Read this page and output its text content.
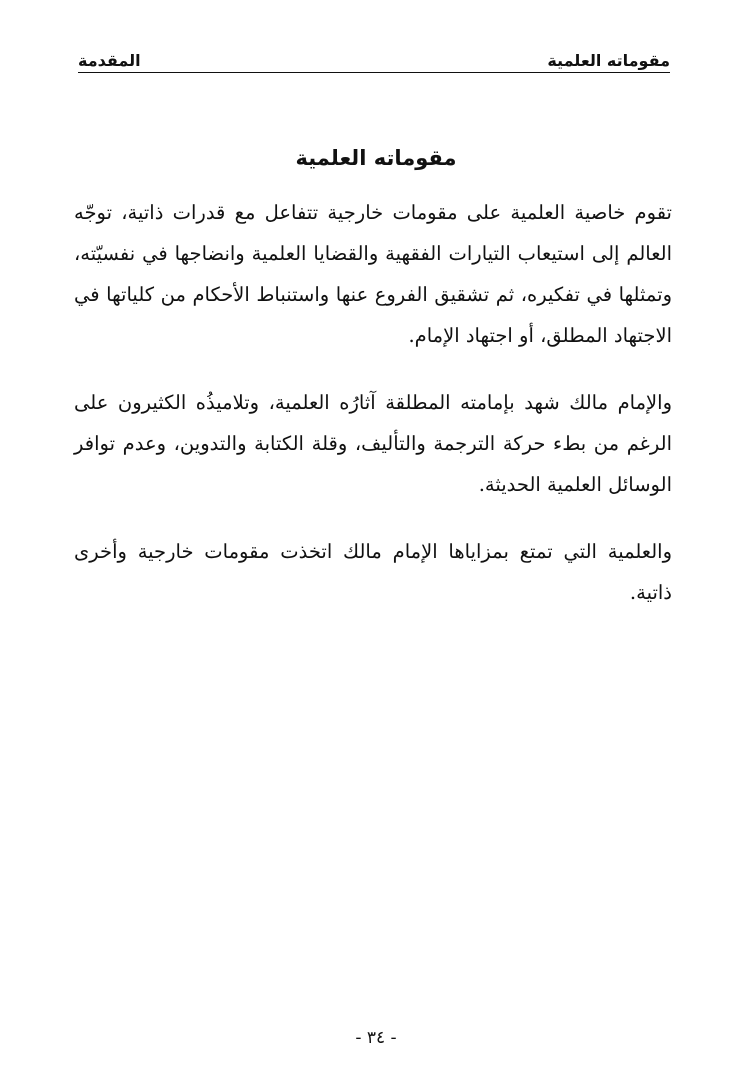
مقوماته العلمية
المقدمة
مقوماته العلمية

تقوم خاصية العلمية على مقومات خارجية تتفاعل مع قدرات ذاتية، توجّه العالم إلى استيعاب التيارات الفقهية والقضايا العلمية وانضاجها في نفسيّته، وتمثلها في تفكيره، ثم تشقيق الفروع عنها واستنباط الأحكام من كلياتها في الاجتهاد المطلق، أو اجتهاد الإمام.

والإمام مالك شهد بإمامته المطلقة آثارُه العلمية، وتلاميذُه الكثيرون على الرغم من بطء حركة الترجمة والتأليف، وقلة الكتابة والتدوين، وعدم توافر الوسائل العلمية الحديثة.

والعلمية التي تمتع بمزاياها الإمام مالك اتخذت مقومات خارجية وأخرى ذاتية.

- ٣٤ -
